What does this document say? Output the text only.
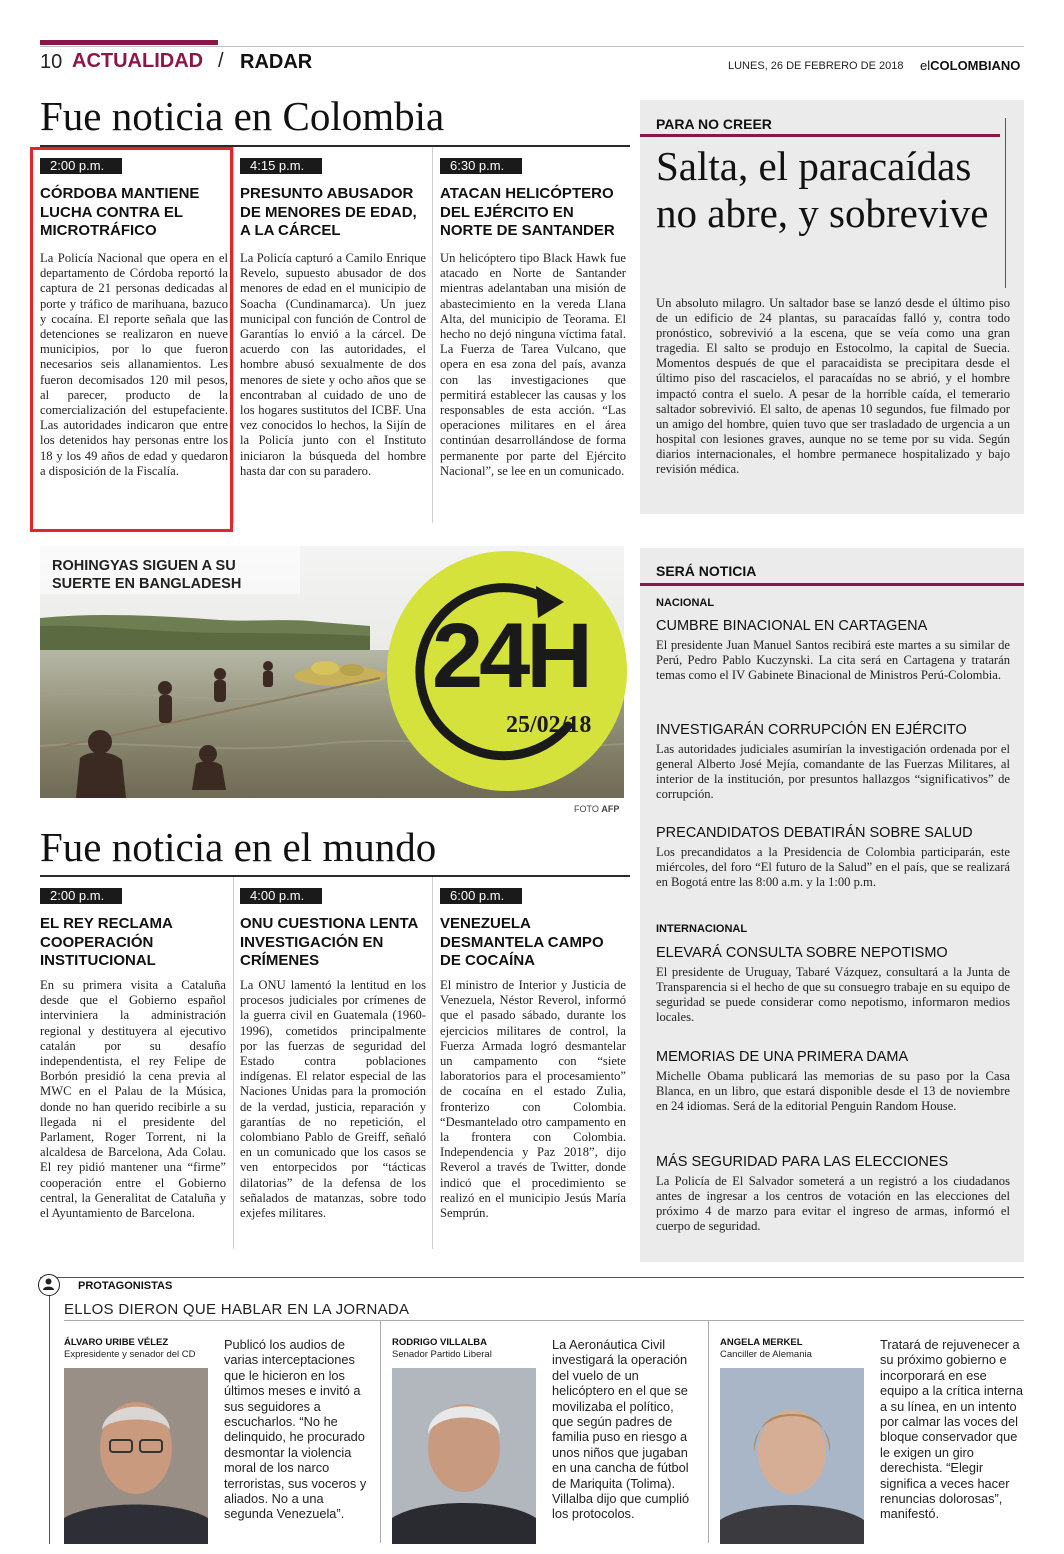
10 ACTUALIDAD / RADAR	LUNES, 26 DE FEBRERO DE 2018 elCOLOMBIANO
Fue noticia en Colombia
2:00 p.m.
CÓRDOBA MANTIENE LUCHA CONTRA EL MICROTRÁFICO
La Policía Nacional que opera en el departamento de Córdoba reportó la captura de 21 personas dedicadas al porte y tráfico de marihuana, bazuco y cocaína. El reporte señala que las detenciones se realizaron en nueve municipios, por lo que fueron necesarios seis allanamientos. Les fueron decomisados 120 mil pesos, al parecer, producto de la comercialización del estupefaciente. Las autoridades indicaron que entre los detenidos hay personas entre los 18 y los 49 años de edad y quedaron a disposición de la Fiscalía.
4:15 p.m.
PRESUNTO ABUSADOR DE MENORES DE EDAD, A LA CÁRCEL
La Policía capturó a Camilo Enrique Revelo, supuesto abusador de dos menores de edad en el municipio de Soacha (Cundinamarca). Un juez municipal con función de Control de Garantías lo envió a la cárcel. De acuerdo con las autoridades, el hombre abusó sexualmente de dos menores de siete y ocho años que se encontraban al cuidado de uno de los hogares sustitutos del ICBF. Una vez conocidos lo hechos, la Sijín de la Policía junto con el Instituto iniciaron la búsqueda del hombre hasta dar con su paradero.
6:30 p.m.
ATACAN HELICÓPTERO DEL EJÉRCITO EN NORTE DE SANTANDER
Un helicóptero tipo Black Hawk fue atacado en Norte de Santander mientras adelantaban una misión de abastecimiento en la vereda Llana Alta, del municipio de Teorama. El hecho no dejó ninguna víctima fatal. La Fuerza de Tarea Vulcano, que opera en esa zona del país, avanza con las investigaciones que permitirá establecer las causas y los responsables de esta acción. “Las operaciones militares en el área continúan desarrollándose de forma permanente por parte del Ejército Nacional”, se lee en un comunicado.
PARA NO CREER
Salta, el paracaídas no abre, y sobrevive
Un absoluto milagro. Un saltador base se lanzó desde el último piso de un edificio de 24 plantas, su paracaídas falló y, contra todo pronóstico, sobrevivió a la escena, que se veía como una gran tragedia. El salto se produjo en Estocolmo, la capital de Suecia. Momentos después de que el paracaidista se precipitara desde el último piso del rascacielos, el paracaídas no se abrió, y el hombre impactó contra el suelo. A pesar de la horrible caída, el temerario saltador sobrevivió. El salto, de apenas 10 segundos, fue filmado por un amigo del hombre, quien tuvo que ser trasladado de urgencia a un hospital con lesiones graves, aunque no se teme por su vida. Según diarios internacionales, el hombre permanece hospitalizado y bajo revisión médica.
ROHINGYAS SIGUEN A SU SUERTE EN BANGLADESH
24H
25/02/18
FOTO AFP
SERÁ NOTICIA
NACIONAL
CUMBRE BINACIONAL EN CARTAGENA
El presidente Juan Manuel Santos recibirá este martes a su similar de Perú, Pedro Pablo Kuczynski. La cita será en Cartagena y tratarán temas como el IV Gabinete Binacional de Ministros Perú-Colombia.
INVESTIGARÁN CORRUPCIÓN EN EJÉRCITO
Las autoridades judiciales asumirían la investigación ordenada por el general Alberto José Mejía, comandante de las Fuerzas Militares, al interior de la institución, por presuntos hallazgos “significativos” de corrupción.
PRECANDIDATOS DEBATIRÁN SOBRE SALUD
Los precandidatos a la Presidencia de Colombia participarán, este miércoles, del foro “El futuro de la Salud” en el país, que se realizará en Bogotá entre las 8:00 a.m. y la 1:00 p.m.
INTERNACIONAL
ELEVARÁ CONSULTA SOBRE NEPOTISMO
El presidente de Uruguay, Tabaré Vázquez, consultará a la Junta de Transparencia si el hecho de que su consuegro trabaje en su equipo de seguridad se puede considerar como nepotismo, informaron medios locales.
MEMORIAS DE UNA PRIMERA DAMA
Michelle Obama publicará las memorias de su paso por la Casa Blanca, en un libro, que estará disponible desde el 13 de noviembre en 24 idiomas. Será de la editorial Penguin Random House.
MÁS SEGURIDAD PARA LAS ELECCIONES
La Policía de El Salvador someterá a un registró a los ciudadanos antes de ingresar a los centros de votación en las elecciones del próximo 4 de marzo para evitar el ingreso de armas, informó el cuerpo de seguridad.
Fue noticia en el mundo
2:00 p.m.
EL REY RECLAMA COOPERACIÓN INSTITUCIONAL
En su primera visita a Cataluña desde que el Gobierno español interviniera la administración regional y destituyera al ejecutivo catalán por su desafío independentista, el rey Felipe de Borbón presidió la cena previa al MWC en el Palau de la Música, donde no han querido recibirle a su llegada ni el presidente del Parlament, Roger Torrent, ni la alcaldesa de Barcelona, Ada Colau. El rey pidió mantener una “firme” cooperación entre el Gobierno central, la Generalitat de Cataluña y el Ayuntamiento de Barcelona.
4:00 p.m.
ONU CUESTIONA LENTA INVESTIGACIÓN EN CRÍMENES
La ONU lamentó la lentitud en los procesos judiciales por crímenes de la guerra civil en Guatemala (1960-1996), cometidos principalmente por las fuerzas de seguridad del Estado contra poblaciones indígenas. El relator especial de las Naciones Unidas para la promoción de la verdad, justicia, reparación y garantías de no repetición, el colombiano Pablo de Greiff, señaló en un comunicado que los casos se ven entorpecidos por “tácticas dilatorias” de la defensa de los señalados de matanzas, sobre todo exjefes militares.
6:00 p.m.
VENEZUELA DESMANTELA CAMPO DE COCAÍNA
El ministro de Interior y Justicia de Venezuela, Néstor Reverol, informó que el pasado sábado, durante los ejercicios militares de control, la Fuerza Armada logró desmantelar un campamento con “siete laboratorios para el procesamiento” de cocaína en el estado Zulia, fronterizo con Colombia. “Desmantelado otro campamento en la frontera con Colombia. Independencia y Paz 2018”, dijo Reverol a través de Twitter, donde indicó que el procedimiento se realizó en el municipio Jesús María Semprún.
PROTAGONISTAS
ELLOS DIERON QUE HABLAR EN LA JORNADA
ÁLVARO URIBE VÉLEZ
Expresidente y senador del CD
Publicó los audios de varias interceptaciones que le hicieron en los últimos meses e invitó a sus seguidores a escucharlos. “No he delinquido, he procurado desmontar la violencia moral de los narco terroristas, sus voceros y aliados. No a una segunda Venezuela”.
RODRIGO VILLALBA
Senador Partido Liberal
La Aeronáutica Civil investigará la operación del vuelo de un helicóptero en el que se movilizaba el político, que según padres de familia puso en riesgo a unos niños que jugaban en una cancha de fútbol de Mariquita (Tolima). Villalba dijo que cumplió los protocolos.
ANGELA MERKEL
Canciller de Alemania
Tratará de rejuvenecer a su próximo gobierno e incorporará en ese equipo a la crítica interna a su línea, en un intento por calmar las voces del bloque conservador que le exigen un giro derechista. “Elegir significa a veces hacer renuncias dolorosas”, manifestó.
